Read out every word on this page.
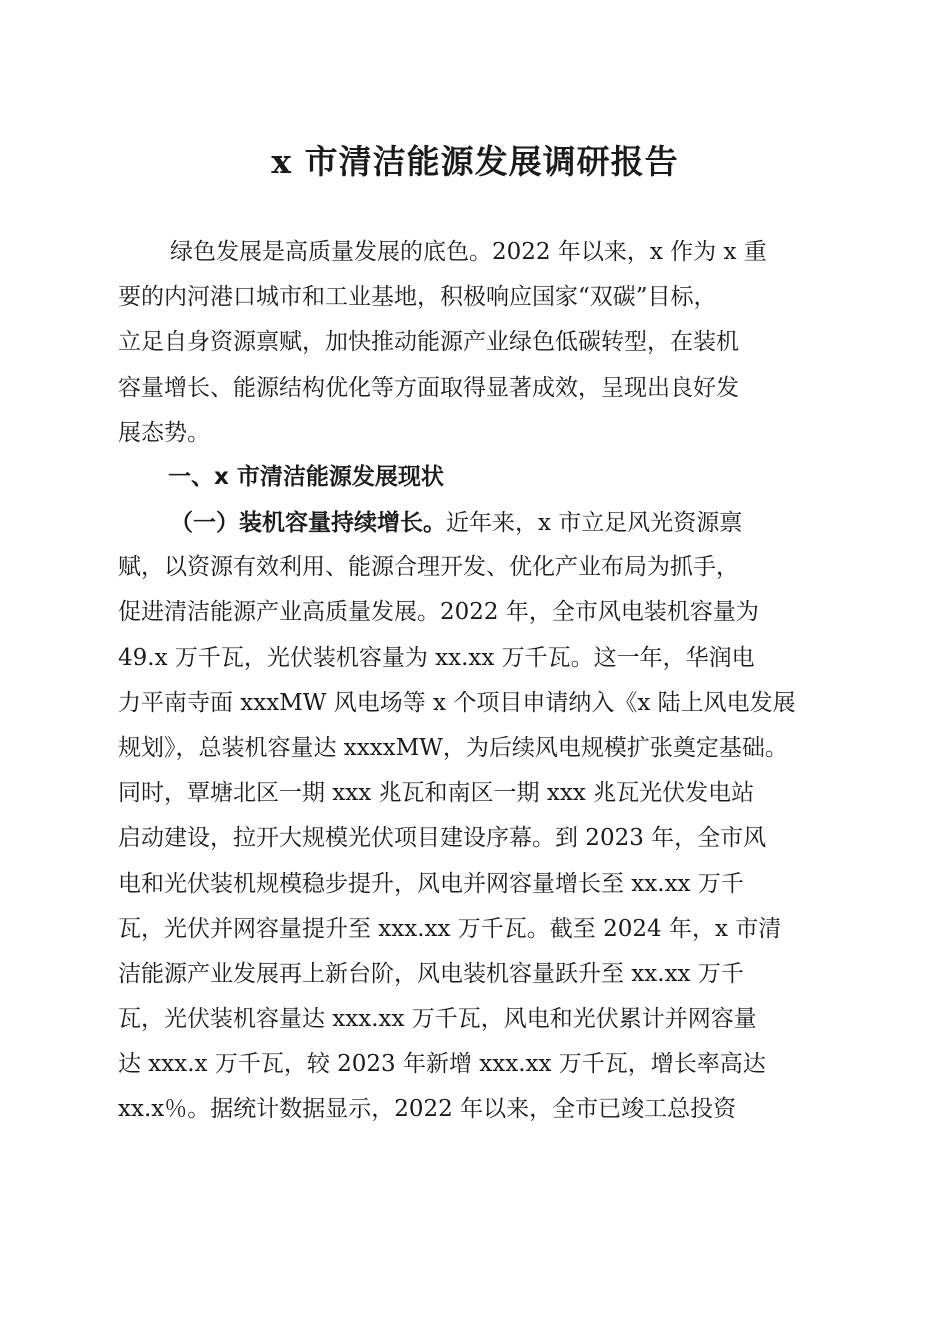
x 市清洁能源发展调研报告
绿色发展是高质量发展的底色。2022 年以来，x 作为 x 重
要的内河港口城市和工业基地，积极响应国家“双碳”目标，
立足自身资源禀赋，加快推动能源产业绿色低碳转型，在装机
容量增长、能源结构优化等方面取得显著成效，呈现出良好发
展态势。
一、x 市清洁能源发展现状
（一）装机容量持续增长。近年来，x 市立足风光资源禀
赋，以资源有效利用、能源合理开发、优化产业布局为抓手，
促进清洁能源产业高质量发展。2022 年，全市风电装机容量为
49.x 万千瓦，光伏装机容量为 xx.xx 万千瓦。这一年，华润电
力平南寺面 xxxMW 风电场等 x 个项目申请纳入《x 陆上风电发展
规划》，总装机容量达 xxxxMW，为后续风电规模扩张奠定基础。
同时，覃塘北区一期 xxx 兆瓦和南区一期 xxx 兆瓦光伏发电站
启动建设，拉开大规模光伏项目建设序幕。到 2023 年，全市风
电和光伏装机规模稳步提升，风电并网容量增长至 xx.xx 万千
瓦，光伏并网容量提升至 xxx.xx 万千瓦。截至 2024 年，x 市清
洁能源产业发展再上新台阶，风电装机容量跃升至 xx.xx 万千
瓦，光伏装机容量达 xxx.xx 万千瓦，风电和光伏累计并网容量
达 xxx.x 万千瓦，较 2023 年新增 xxx.xx 万千瓦，增长率高达
xx.x％。据统计数据显示，2022 年以来，全市已竣工总投资
